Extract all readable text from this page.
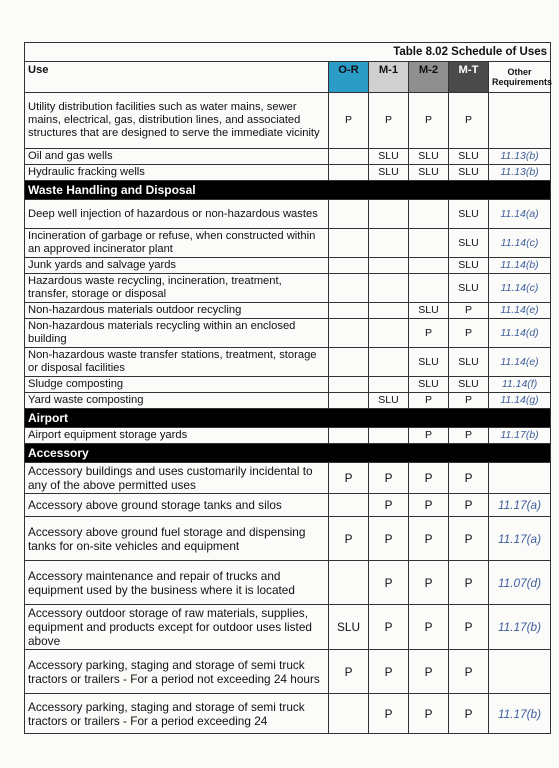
Table 8.02 Schedule of Uses					
Use	O-R	M-1	M-2	M-T	Other
Requirements
Utility distribution facilities such as water mains, sewer mains, electrical, gas, distribution lines, and associated structures that are designed to serve the immediate vicinity	P	P	P	P	
Oil and gas wells		SLU	SLU	SLU	11.13(b)
Hydraulic fracking wells		SLU	SLU	SLU	11.13(b)
Waste Handling and Disposal					
Deep well injection of hazardous or non-hazardous wastes				SLU	11.14(a)
Incineration of garbage or refuse, when constructed within an approved incinerator plant				SLU	11.14(c)
Junk yards and salvage yards				SLU	11.14(b)
Hazardous waste recycling, incineration, treatment, transfer, storage or disposal				SLU	11.14(c)
Non-hazardous materials outdoor recycling			SLU	P	11.14(e)
Non-hazardous materials recycling within an enclosed building			P	P	11.14(d)
Non-hazardous waste transfer stations, treatment, storage or disposal facilities			SLU	SLU	11.14(e)
Sludge composting			SLU	SLU	11.14(f)
Yard waste composting		SLU	P	P	11.14(g)
Airport					
Airport equipment storage yards			P	P	11.17(b)
Accessory					
Accessory buildings and uses customarily incidental to any of the above permitted uses	P	P	P	P	
Accessory above ground storage tanks and silos		P	P	P	11.17(a)
Accessory above ground fuel storage and dispensing tanks for on-site vehicles and equipment	P	P	P	P	11.17(a)
Accessory maintenance and repair of trucks and equipment used by the business where it is located		P	P	P	11.07(d)
Accessory outdoor storage of raw materials, supplies, equipment and products except for outdoor uses listed above	SLU	P	P	P	11.17(b)
Accessory parking, staging and storage of semi truck tractors or trailers - For a period not exceeding 24 hours	P	P	P	P	
Accessory parking, staging and storage of semi truck tractors or trailers - For a period exceeding 24		P	P	P	11.17(b)
